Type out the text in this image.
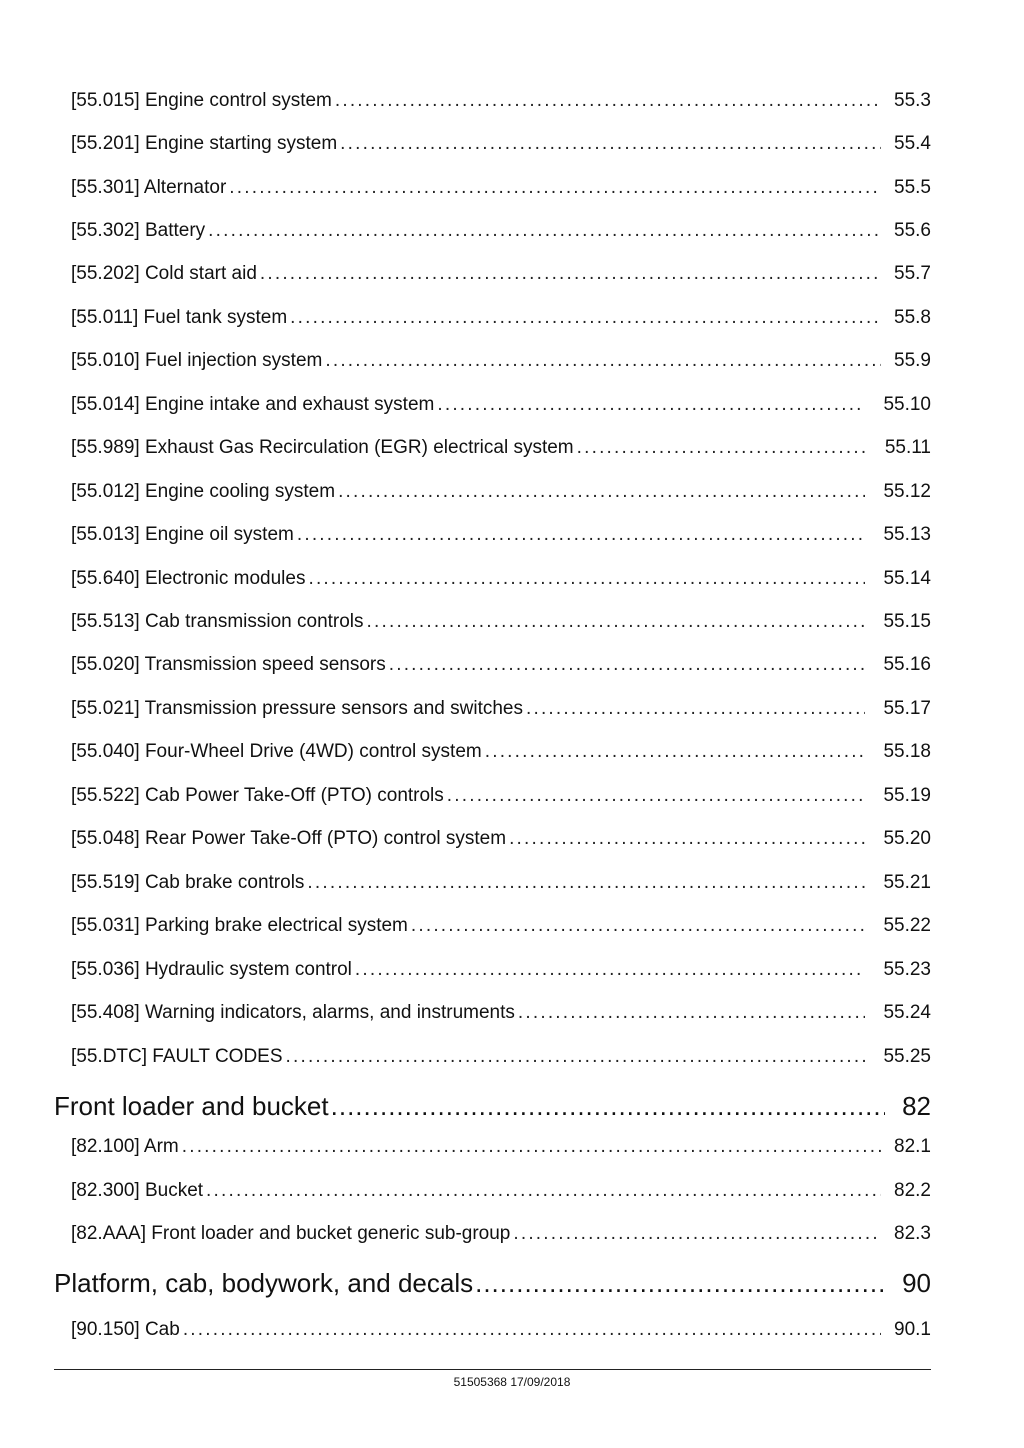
[55.015] Engine control system .....	55.3
[55.201] Engine starting system .....	55.4
[55.301] Alternator .....	55.5
[55.302] Battery .....	55.6
[55.202] Cold start aid .....	55.7
[55.011] Fuel tank system .....	55.8
[55.010] Fuel injection system .....	55.9
[55.014] Engine intake and exhaust system .....	55.10
[55.989] Exhaust Gas Recirculation (EGR) electrical system .....	55.11
[55.012] Engine cooling system .....	55.12
[55.013] Engine oil system .....	55.13
[55.640] Electronic modules .....	55.14
[55.513] Cab transmission controls .....	55.15
[55.020] Transmission speed sensors .....	55.16
[55.021] Transmission pressure sensors and switches .....	55.17
[55.040] Four-Wheel Drive (4WD) control system .....	55.18
[55.522] Cab Power Take-Off (PTO) controls .....	55.19
[55.048] Rear Power Take-Off (PTO) control system .....	55.20
[55.519] Cab brake controls .....	55.21
[55.031] Parking brake electrical system .....	55.22
[55.036] Hydraulic system control .....	55.23
[55.408] Warning indicators, alarms, and instruments .....	55.24
[55.DTC] FAULT CODES .....	55.25
Front loader and bucket .....	82
[82.100] Arm .....	82.1
[82.300] Bucket .....	82.2
[82.AAA] Front loader and bucket generic sub-group .....	82.3
Platform, cab, bodywork, and decals .....	90
[90.150] Cab .....	90.1
51505368 17/09/2018
